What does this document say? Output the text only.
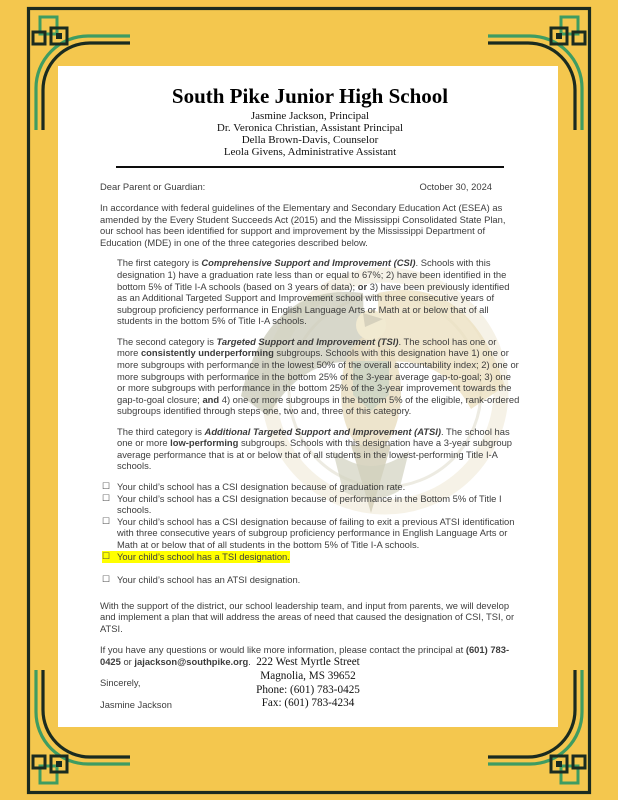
South Pike Junior High School
Jasmine Jackson, Principal
Dr. Veronica Christian, Assistant Principal
Della Brown-Davis, Counselor
Leola Givens, Administrative Assistant
Dear Parent or Guardian:	October 30, 2024

In accordance with federal guidelines of the Elementary and Secondary Education Act (ESEA) as amended by the Every Student Succeeds Act (2015) and the Mississippi Consolidated State Plan, our school has been identified for support and improvement by the Mississippi Department of Education (MDE) in one of the three categories described below.

The first category is Comprehensive Support and Improvement (CSI). Schools with this designation 1) have a graduation rate less than or equal to 67%; 2) have been identified in the bottom 5% of Title I-A schools (based on 3 years of data); or 3) have been previously identified as an Additional Targeted Support and Improvement school with three consecutive years of subgroup proficiency performance in English Language Arts or Math at or below that of all students in the bottom 5% of Title I-A schools.

The second category is Targeted Support and Improvement (TSI). The school has one or more consistently underperforming subgroups. Schools with this designation have 1) one or more subgroups with performance in the lowest 50% of the overall accountability index; 2) one or more subgroups with performance in the bottom 25% of the 3-year average gap-to-goal; 3) one or more subgroups with performance in the bottom 25% of the 3-year improvement towards the gap-to-goal closure; and 4) one or more subgroups in the bottom 5% of the eligible, rank-ordered subgroups identified through steps one, two and, three of this category.

The third category is Additional Targeted Support and Improvement (ATSI). The school has one or more low-performing subgroups. Schools with this designation have a 3-year subgroup average performance that is at or below that of all students in the lowest-performing Title I-A schools.

☐ Your child’s school has a CSI designation because of graduation rate.
☐ Your child’s school has a CSI designation because of performance in the Bottom 5% of Title I schools.
☐ Your child’s school has a CSI designation because of failing to exit a previous ATSI identification with three consecutive years of subgroup proficiency performance in English Language Arts or Math at or below that of all students in the bottom 5% of Title I-A schools.
☐ Your child’s school has a TSI designation.
☐ Your child’s school has an ATSI designation.

With the support of the district, our school leadership team, and input from parents, we will develop and implement a plan that will address the areas of need that caused the designation of CSI, TSI, or ATSI.

If you have any questions or would like more information, please contact the principal at (601) 783-0425 or jajackson@southpike.org.

Sincerely,

Jasmine Jackson

222 West Myrtle Street
Magnolia, MS 39652
Phone: (601) 783-0425
Fax: (601) 783-4234
